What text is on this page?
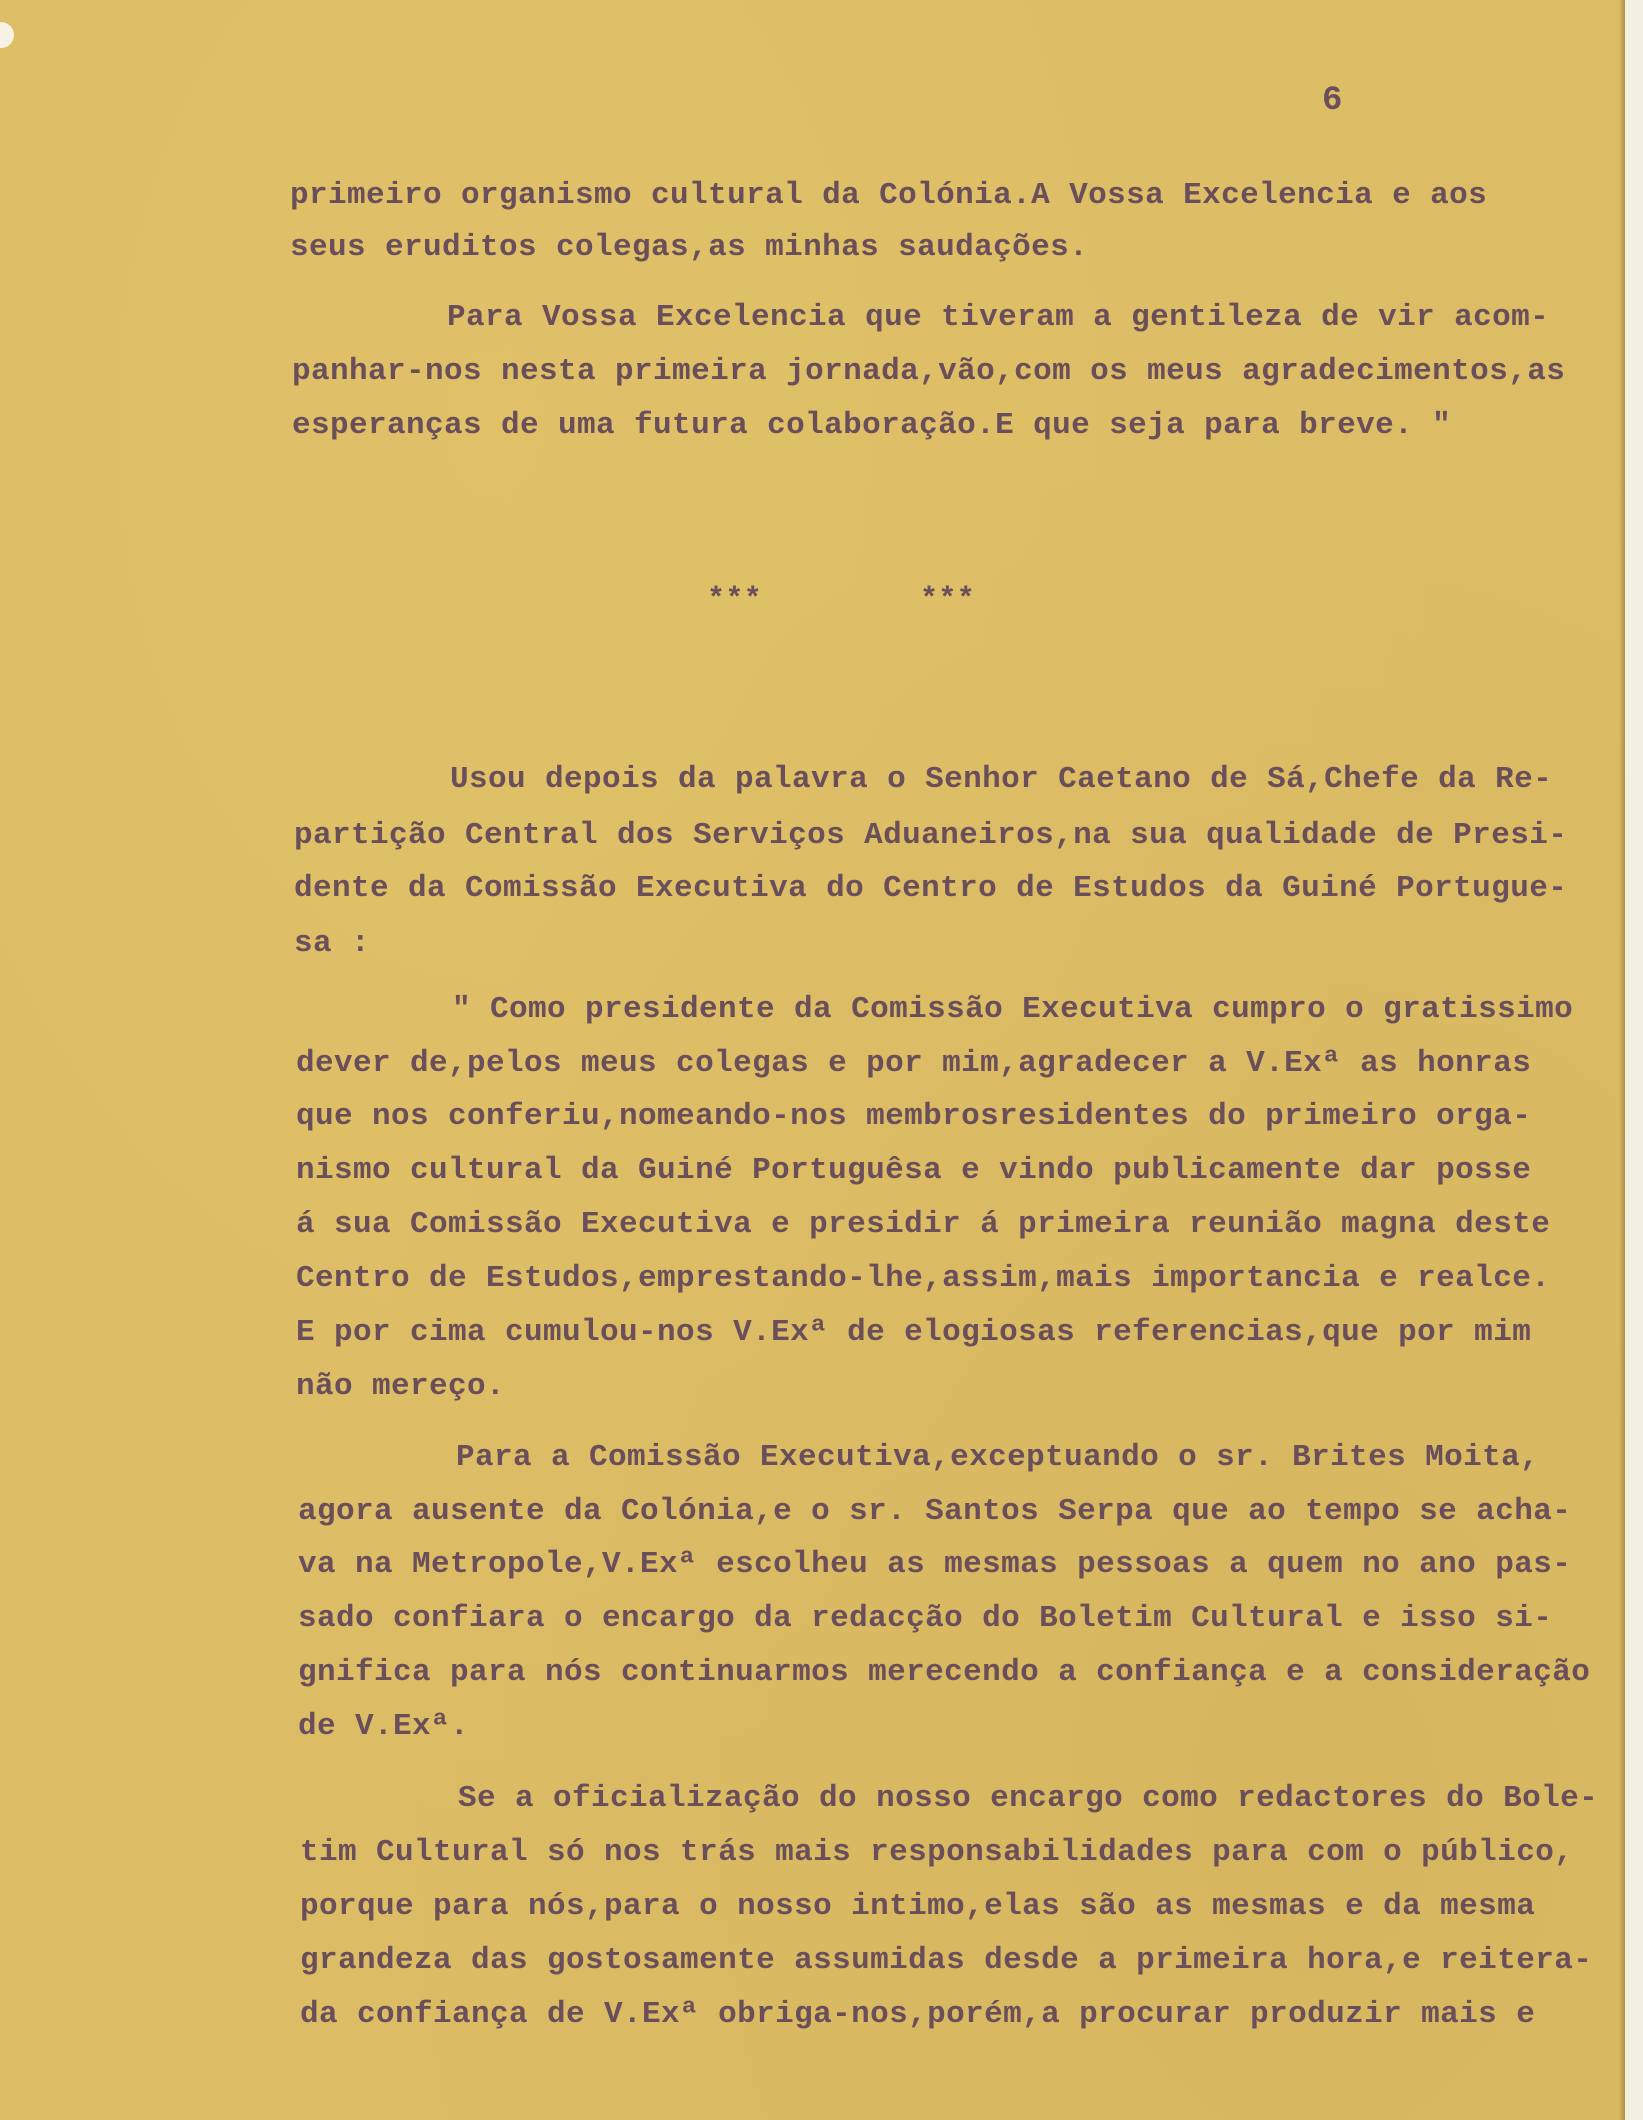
6
primeiro organismo cultural da Colónia.A Vossa Excelencia e aos
seus eruditos colegas,as minhas saudações.
Para Vossa Excelencia que tiveram a gentileza de vir acom-
panhar-nos nesta primeira jornada,vão,com os meus agradecimentos,as
esperanças de uma futura colaboração.E que seja para breve. "
***	***
Usou depois da palavra o Senhor Caetano de Sá,Chefe da Re-
partição Central dos Serviços Aduaneiros,na sua qualidade de Presi-
dente da Comissão Executiva do Centro de Estudos da Guiné Portugue-
sa :
" Como presidente da Comissão Executiva cumpro o gratissimo
dever de,pelos meus colegas e por mim,agradecer a V.Exª as honras
que nos conferiu,nomeando-nos membrosresidentes do primeiro orga-
nismo cultural da Guiné Portuguêsa e vindo publicamente dar posse
á sua Comissão Executiva e presidir á primeira reunião magna deste
Centro de Estudos,emprestando-lhe,assim,mais importancia e realce.
E por cima cumulou-nos V.Exª de elogiosas referencias,que por mim
não mereço.
Para a Comissão Executiva,exceptuando o sr. Brites Moita,
agora ausente da Colónia,e o sr. Santos Serpa que ao tempo se acha-
va na Metropole,V.Exª escolheu as mesmas pessoas a quem no ano pas-
sado confiara o encargo da redacção do Boletim Cultural e isso si-
gnifica para nós continuarmos merecendo a confiança e a consideração
de V.Exª.
Se a oficialização do nosso encargo como redactores do Bole-
tim Cultural só nos trás mais responsabilidades para com o público,
porque para nós,para o nosso intimo,elas são as mesmas e da mesma
grandeza das gostosamente assumidas desde a primeira hora,e reitera-
da confiança de V.Exª obriga-nos,porém,a procurar produzir mais e
